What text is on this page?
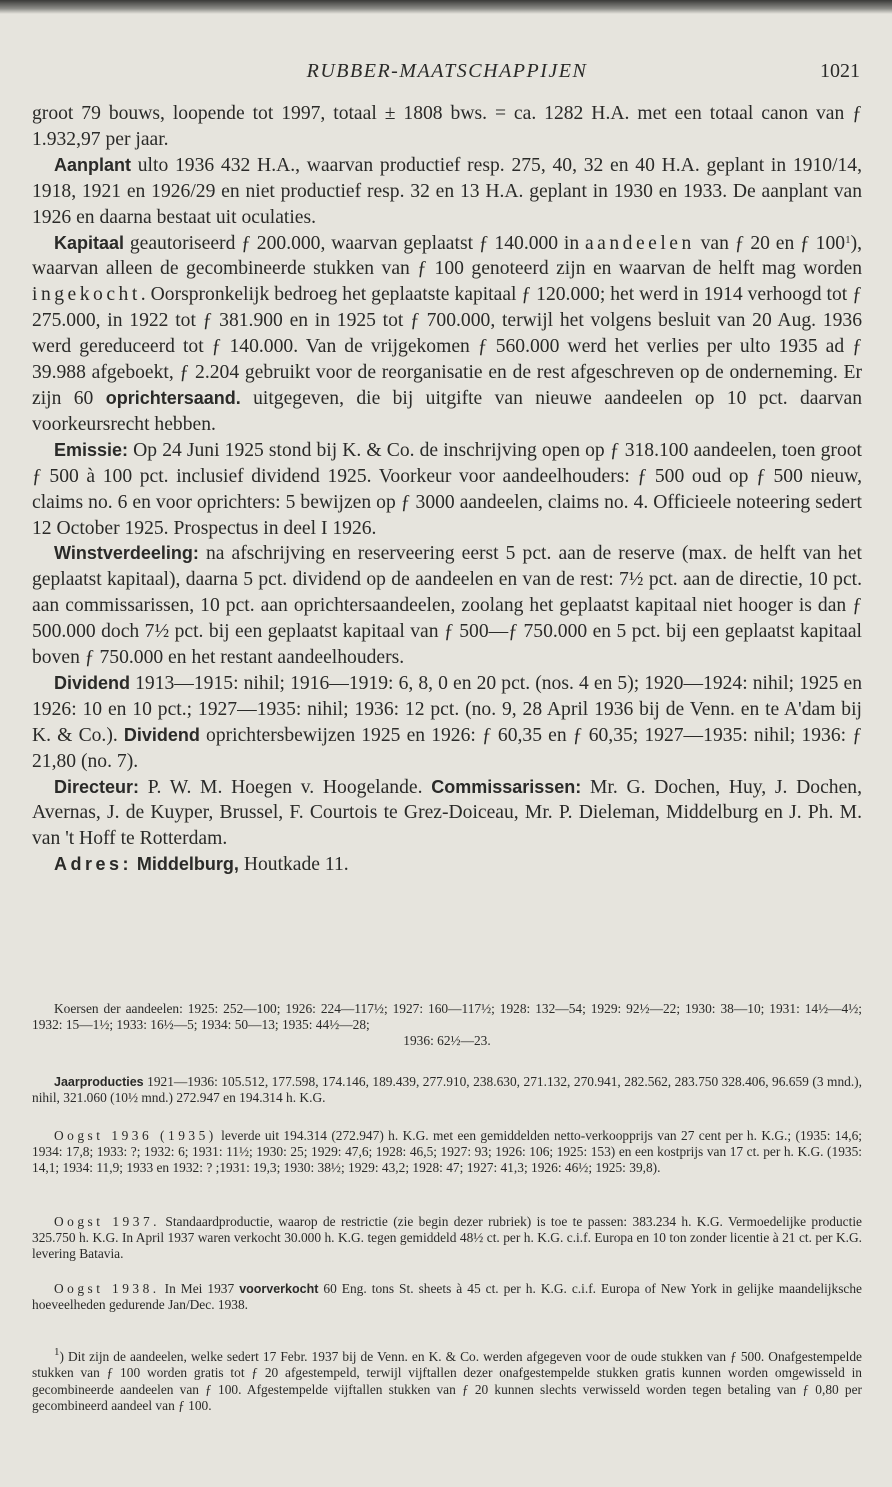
RUBBER-MAATSCHAPPIJEN	1021

groot 79 bouws, loopende tot 1997, totaal ± 1808 bws. = ca. 1282 H.A. met een totaal canon van ƒ 1.932,97 per jaar.

Aanplant ulto 1936 432 H.A., waarvan productief resp. 275, 40, 32 en 40 H.A. geplant in 1910/14, 1918, 1921 en 1926/29 en niet productief resp. 32 en 13 H.A. geplant in 1930 en 1933. De aanplant van 1926 en daarna bestaat uit oculaties.

Kapitaal geautoriseerd ƒ 200.000, waarvan geplaatst ƒ 140.000 in aandeelen van ƒ 20 en ƒ $100^1$), waarvan alleen de gecombineerde stukken van ƒ 100 genoteerd zijn en waarvan de helft mag worden ingekocht. Oorspronkelijk bedroeg het geplaatste kapitaal ƒ 120.000; het werd in 1914 verhoogd tot ƒ 275.000, in 1922 tot ƒ 381.900 en in 1925 tot ƒ 700.000, terwijl het volgens besluit van 20 Aug. 1936 werd gereduceerd tot ƒ 140.000. Van de vrijgekomen ƒ 560.000 werd het verlies per ulto 1935 ad ƒ 39.988 afgeboekt, ƒ 2.204 gebruikt voor de reorganisatie en de rest afgeschreven op de onderneming. Er zijn 60 oprichtersaand. uitgegeven, die bij uitgifte van nieuwe aandeelen op 10 pct. daarvan voorkeursrecht hebben.

Emissie: Op 24 Juni 1925 stond bij K. & Co. de inschrijving open op ƒ 318.100 aandeelen, toen groot ƒ 500 à 100 pct. inclusief dividend 1925. Voorkeur voor aandeelhouders: ƒ 500 oud op ƒ 500 nieuw, claims no. 6 en voor oprichters: 5 bewijzen op ƒ 3000 aandeelen, claims no. 4. Officieele noteering sedert 12 October 1925. Prospectus in deel I 1926.

Winstverdeeling: na afschrijving en reserveering eerst 5 pct. aan de reserve (max. de helft van het geplaatst kapitaal), daarna 5 pct. dividend op de aandeelen en van de rest: 7½ pct. aan de directie, 10 pct. aan commissarissen, 10 pct. aan oprichtersaandeelen, zoolang het geplaatst kapitaal niet hooger is dan ƒ 500.000 doch 7½ pct. bij een geplaatst kapitaal van ƒ 500—ƒ 750.000 en 5 pct. bij een geplaatst kapitaal boven ƒ 750.000 en het restant aandeelhouders.

Dividend 1913—1915: nihil; 1916—1919: 6, 8, 0 en 20 pct. (nos. 4 en 5); 1920—1924: nihil; 1925 en 1926: 10 en 10 pct.; 1927—1935: nihil; 1936: 12 pct. (no. 9, 28 April 1936 bij de Venn. en te A'dam bij K. & Co.). Dividend oprichtersbewijzen 1925 en 1926: ƒ 60,35 en ƒ 60,35; 1927—1935: nihil; 1936: ƒ 21,80 (no. 7).

Directeur: P. W. M. Hoegen v. Hoogelande. Commissarissen: Mr. G. Dochen, Huy, J. Dochen, Avernas, J. de Kuyper, Brussel, F. Courtois te Grez-Doiceau, Mr. P. Dieleman, Middelburg en J. Ph. M. van 't Hoff te Rotterdam.

Adres: Middelburg, Houtkade 11.

Koersen der aandeelen: 1925: 252—100; 1926: 224—117½; 1927: 160—117½; 1928: 132—54; 1929: 92½—22; 1930: 38—10; 1931: 14½—4½; 1932: 15—1½; 1933: 16½—5; 1934: 50—13; 1935: 44½—28;

1936: 62½—23.

Jaarproducties 1921—1936: 105.512, 177.598, 174.146, 189.439, 277.910, 238.630, 271.132, 270.941, 282.562, 283.750 328.406, 96.659 (3 mnd.), nihil, 321.060 (10½ mnd.) 272.947 en 194.314 h. K.G.

Oogst 1936 (1935) leverde uit 194.314 (272.947) h. K.G. met een gemiddelden netto-verkoopprijs van 27 cent per h. K.G.; (1935: 14,6; 1934: 17,8; 1933: ?; 1932: 6; 1931: 11½; 1930: 25; 1929: 47,6; 1928: 46,5; 1927: 93; 1926: 106; 1925: 153) en een kostprijs van 17 ct. per h. K.G. (1935: 14,1; 1934: 11,9; 1933 en 1932: ? ;1931: 19,3; 1930: 38½; 1929: 43,2; 1928: 47; 1927: 41,3; 1926: 46½; 1925: 39,8).

Oogst 1937. Standaardproductie, waarop de restrictie (zie begin dezer rubriek) is toe te passen: 383.234 h. K.G. Vermoedelijke productie 325.750 h. K.G. In April 1937 waren verkocht 30.000 h. K.G. tegen gemiddeld 48½ ct. per h. K.G. c.i.f. Europa en 10 ton zonder licentie à 21 ct. per K.G. levering Batavia.

Oogst 1938. In Mei 1937 voorverkocht 60 Eng. tons St. sheets à 45 ct. per h. K.G. c.i.f. Europa of New York in gelijke maandelijksche hoeveelheden gedurende Jan/Dec. 1938.

$^1$) Dit zijn de aandeelen, welke sedert 17 Febr. 1937 bij de Venn. en K. & Co. werden afgegeven voor de oude stukken van ƒ 500. Onafgestempelde stukken van ƒ 100 worden gratis tot ƒ 20 afgestempeld, terwijl vijftallen dezer onafgestempelde stukken gratis kunnen worden omgewisseld in gecombineerde aandeelen van ƒ 100. Afgestempelde vijftallen stukken van ƒ 20 kunnen slechts verwisseld worden tegen betaling van ƒ 0,80 per gecombineerd aandeel van ƒ 100.
